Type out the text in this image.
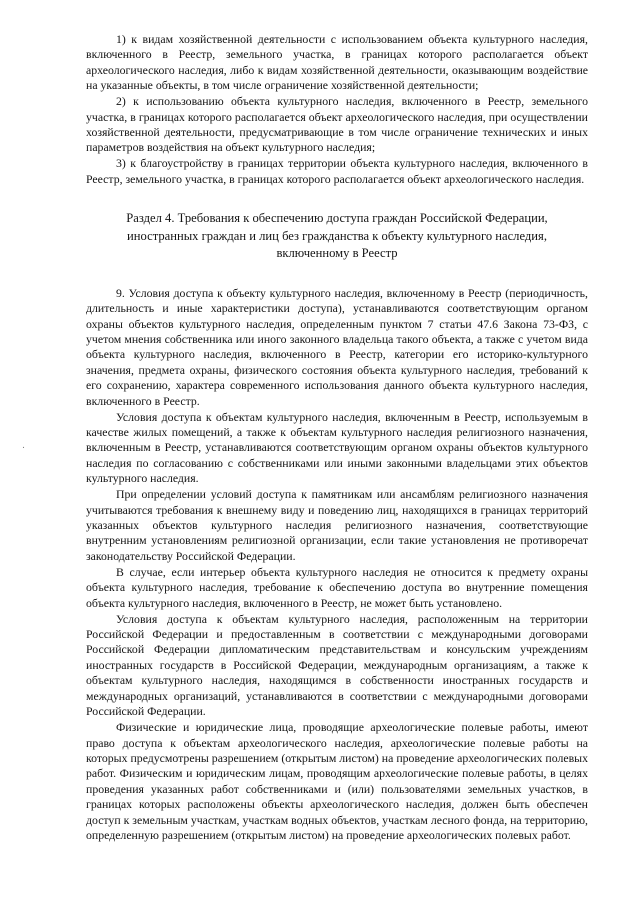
1) к видам хозяйственной деятельности с использованием объекта культурного наследия, включенного в Реестр, земельного участка, в границах которого располагается объект археологического наследия, либо к видам хозяйственной деятельности, оказывающим воздействие на указанные объекты, в том числе ограничение хозяйственной деятельности;

2) к использованию объекта культурного наследия, включенного в Реестр, земельного участка, в границах которого располагается объект археологического наследия, при осуществлении хозяйственной деятельности, предусматривающие в том числе ограничение технических и иных параметров воздействия на объект культурного наследия;

3) к благоустройству в границах территории объекта культурного наследия, включенного в Реестр, земельного участка, в границах которого располагается объект археологического наследия.

Раздел 4. Требования к обеспечению доступа граждан Российской Федерации,
иностранных граждан и лиц без гражданства к объекту культурного наследия,
включенному в Реестр

9. Условия доступа к объекту культурного наследия, включенному в Реестр (периодичность, длительность и иные характеристики доступа), устанавливаются соответствующим органом охраны объектов культурного наследия, определенным пунктом 7 статьи 47.6 Закона 73-ФЗ, с учетом мнения собственника или иного законного владельца такого объекта, а также с учетом вида объекта культурного наследия, включенного в Реестр, категории его историко-культурного значения, предмета охраны, физического состояния объекта культурного наследия, требований к его сохранению, характера современного использования данного объекта культурного наследия, включенного в Реестр.

Условия доступа к объектам культурного наследия, включенным в Реестр, используемым в качестве жилых помещений, а также к объектам культурного наследия религиозного назначения, включенным в Реестр, устанавливаются соответствующим органом охраны объектов культурного наследия по согласованию с собственниками или иными законными владельцами этих объектов культурного наследия.

При определении условий доступа к памятникам или ансамблям религиозного назначения учитываются требования к внешнему виду и поведению лиц, находящихся в границах территорий указанных объектов культурного наследия религиозного назначения, соответствующие внутренним установлениям религиозной организации, если такие установления не противоречат законодательству Российской Федерации.

В случае, если интерьер объекта культурного наследия не относится к предмету охраны объекта культурного наследия, требование к обеспечению доступа во внутренние помещения объекта культурного наследия, включенного в Реестр, не может быть установлено.

Условия доступа к объектам культурного наследия, расположенным на территории Российской Федерации и предоставленным в соответствии с международными договорами Российской Федерации дипломатическим представительствам и консульским учреждениям иностранных государств в Российской Федерации, международным организациям, а также к объектам культурного наследия, находящимся в собственности иностранных государств и международных организаций, устанавливаются в соответствии с международными договорами Российской Федерации.

Физические и юридические лица, проводящие археологические полевые работы, имеют право доступа к объектам археологического наследия, археологические полевые работы на которых предусмотрены разрешением (открытым листом) на проведение археологических полевых работ. Физическим и юридическим лицам, проводящим археологические полевые работы, в целях проведения указанных работ собственниками и (или) пользователями земельных участков, в границах которых расположены объекты археологического наследия, должен быть обеспечен доступ к земельным участкам, участкам водных объектов, участкам лесного фонда, на территорию, определенную разрешением (открытым листом) на проведение археологических полевых работ.

․
